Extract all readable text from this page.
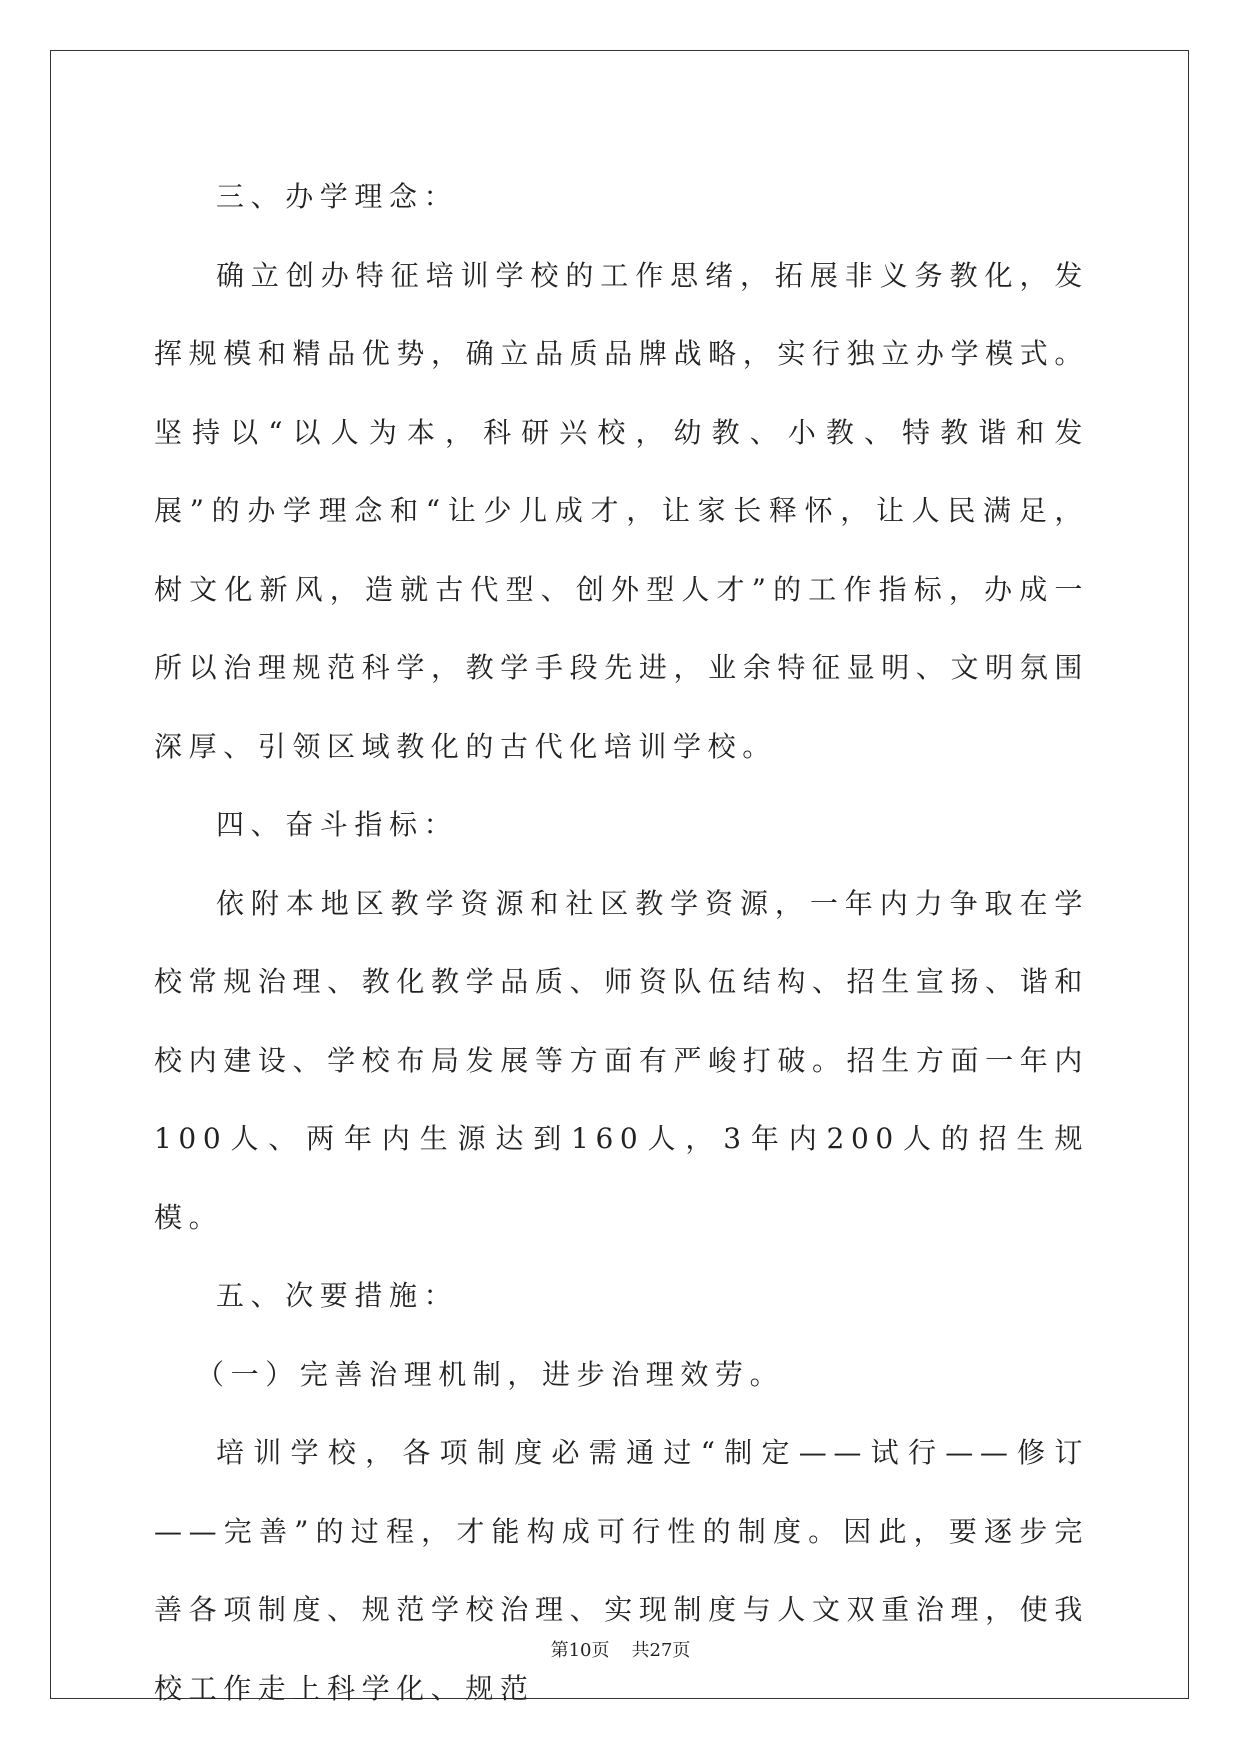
三、办学理念：

确立创办特征培训学校的工作思绪，拓展非义务教化，发挥规模和精品优势，确立品质品牌战略，实行独立办学模式。坚持以“以人为本，科研兴校，幼教、小教、特教谐和发展”的办学理念和“让少儿成才，让家长释怀，让人民满足，树文化新风，造就古代型、创外型人才”的工作指标，办成一所以治理规范科学，教学手段先进，业余特征显明、文明氛围深厚、引领区域教化的古代化培训学校。

四、奋斗指标：

依附本地区教学资源和社区教学资源，一年内力争取在学校常规治理、教化教学品质、师资队伍结构、招生宣扬、谐和校内建设、学校布局发展等方面有严峻打破。招生方面一年内100人、两年内生源达到160人，3年内200人的招生规模。

五、次要措施：

（一）完善治理机制，进步治理效劳。

培训学校，各项制度必需通过“制定——试行——修订——完善”的过程，才能构成可行性的制度。因此，要逐步完善各项制度、规范学校治理、实现制度与人文双重治理，使我校工作走上科学化、规范

第10页 共27页
